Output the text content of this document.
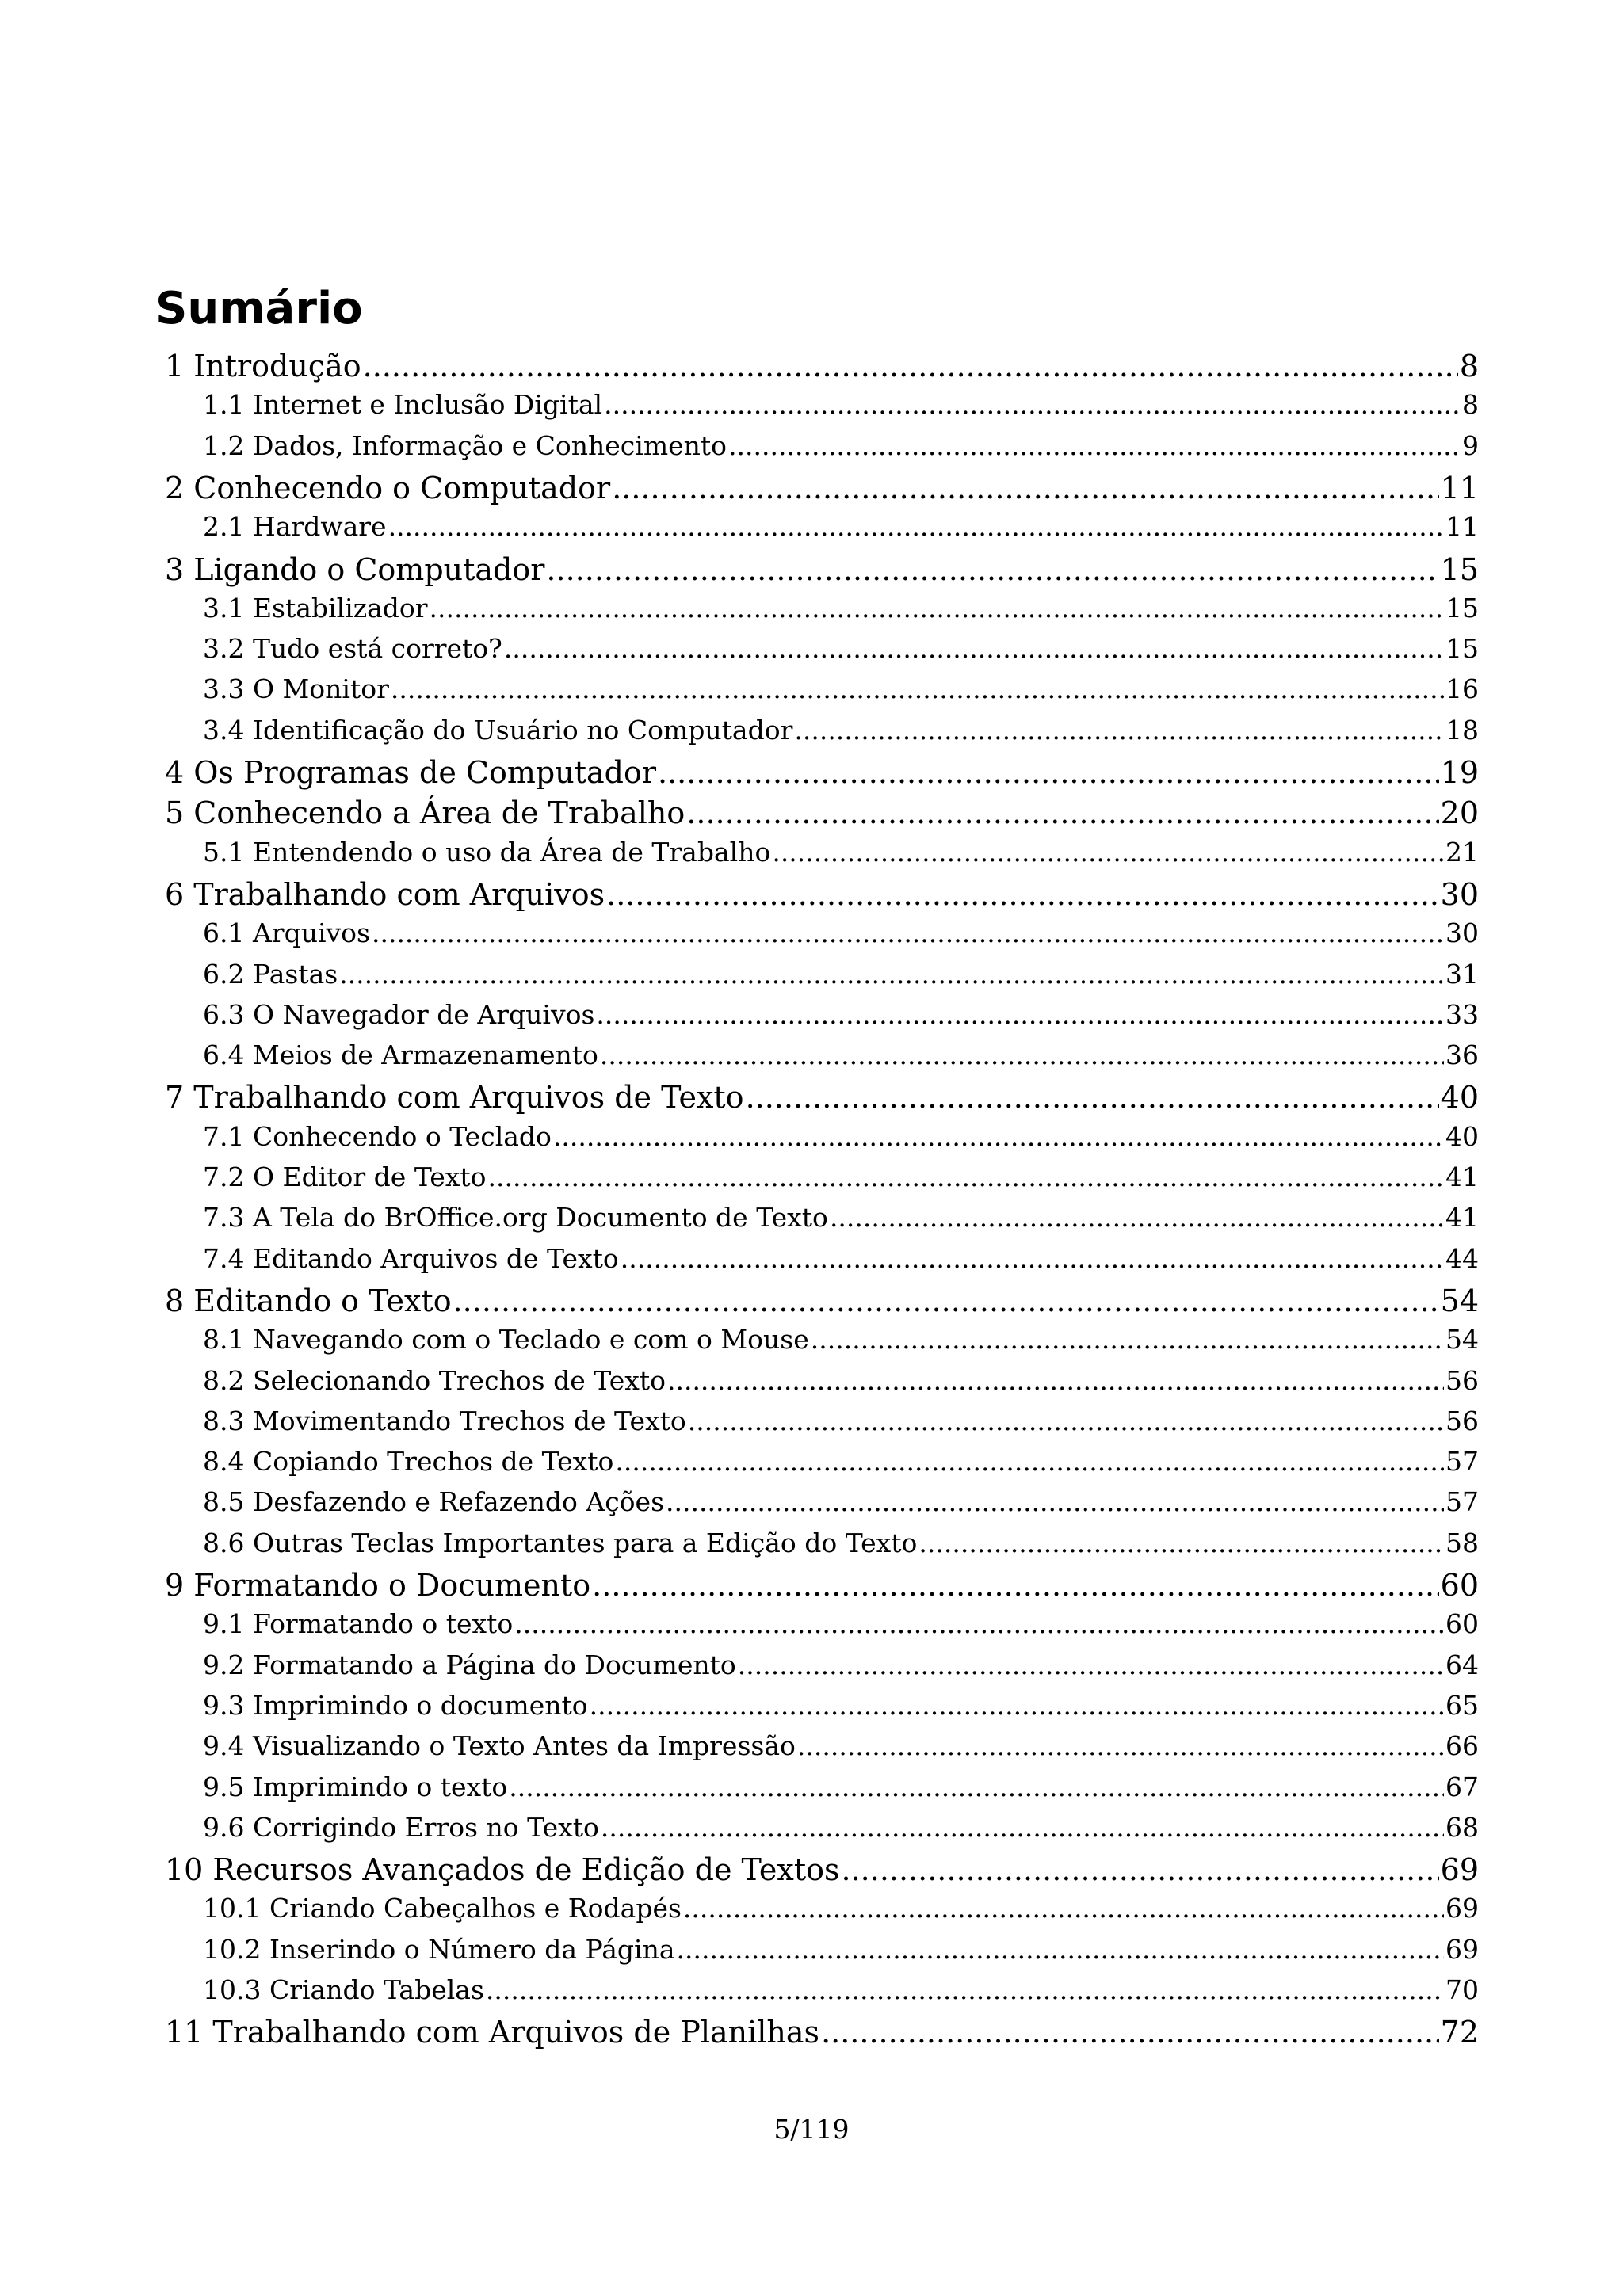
Sumário
1 Introdução .....	8
1.1 Internet e Inclusão Digital .....	8
1.2 Dados, Informação e Conhecimento .....	9
2 Conhecendo o Computador .....	11
2.1 Hardware .....	11
3 Ligando o Computador .....	15
3.1 Estabilizador .....	15
3.2 Tudo está correto? .....	15
3.3 O Monitor .....	16
3.4 Identificação do Usuário no Computador .....	18
4 Os Programas de Computador .....	19
5 Conhecendo a Área de Trabalho .....	20
5.1 Entendendo o uso da Área de Trabalho .....	21
6 Trabalhando com Arquivos .....	30
6.1 Arquivos .....	30
6.2 Pastas .....	31
6.3 O Navegador de Arquivos .....	33
6.4 Meios de Armazenamento .....	36
7 Trabalhando com Arquivos de Texto .....	40
7.1 Conhecendo o Teclado .....	40
7.2 O Editor de Texto .....	41
7.3 A Tela do BrOffice.org Documento de Texto .....	41
7.4 Editando Arquivos de Texto .....	44
8 Editando o Texto .....	54
8.1 Navegando com o Teclado e com o Mouse .....	54
8.2 Selecionando Trechos de Texto .....	56
8.3 Movimentando Trechos de Texto .....	56
8.4 Copiando Trechos de Texto .....	57
8.5 Desfazendo e Refazendo Ações .....	57
8.6 Outras Teclas Importantes para a Edição do Texto .....	58
9 Formatando o Documento .....	60
9.1 Formatando o texto .....	60
9.2 Formatando a Página do Documento .....	64
9.3 Imprimindo o documento .....	65
9.4 Visualizando o Texto Antes da Impressão .....	66
9.5 Imprimindo o texto .....	67
9.6 Corrigindo Erros no Texto .....	68
10 Recursos Avançados de Edição de Textos .....	69
10.1 Criando Cabeçalhos e Rodapés .....	69
10.2 Inserindo o Número da Página .....	69
10.3 Criando Tabelas .....	70
11 Trabalhando com Arquivos de Planilhas .....	72
5/119
